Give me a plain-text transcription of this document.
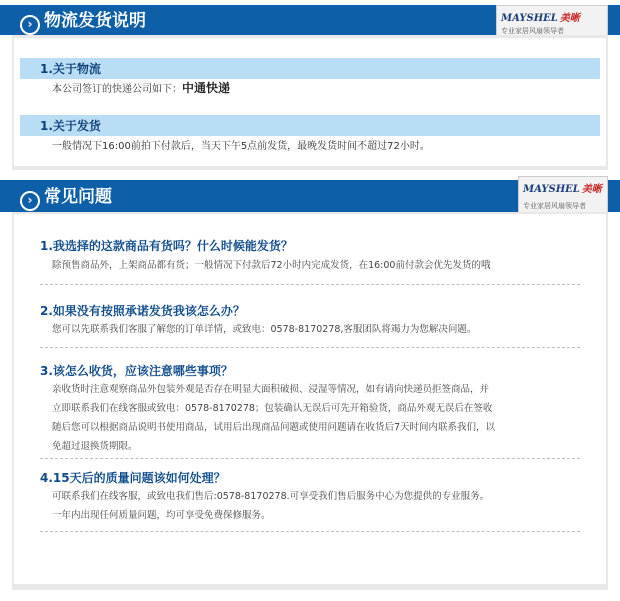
› 物流发货说明	MAYSHEL 美晰
专业家居风扇领导者
1.关于物流
本公司签订的快递公司如下：中通快递
1.关于发货
一般情况下16:00前拍下付款后，当天下午5点前发货，最晚发货时间不超过72小时。
› 常见问题	MAYSHEL 美晰
专业家居风扇领导者
1.我选择的这款商品有货吗？什么时候能发货？
除预售商品外，上架商品都有货；一般情况下付款后72小时内完成发货，在16:00前付款会优先发货的哦
2.如果没有按照承诺发货我该怎么办？
您可以先联系我们客服了解您的订单详情，或致电：0578-8170278,客服团队将竭力为您解决问题。
3.该怎么收货，应该注意哪些事项？
亲收货时注意观察商品外包装外观是否存在明显大面积破损、浸湿等情况，如有请向快递员拒签商品，并
立即联系我们在线客服或致电：0578-8170278；包装确认无误后可先开箱验货，商品外观无误后在签收
随后您可以根据商品说明书使用商品，试用后出现商品问题或使用问题请在收货后7天时间内联系我们，以
免超过退换货期限。
4.15天后的质量问题该如何处理？
可联系我们在线客服，或致电我们售后:0578-8170278.可享受我们售后服务中心为您提供的专业服务。
一年内出现任何质量问题，均可享受免费保修服务。
